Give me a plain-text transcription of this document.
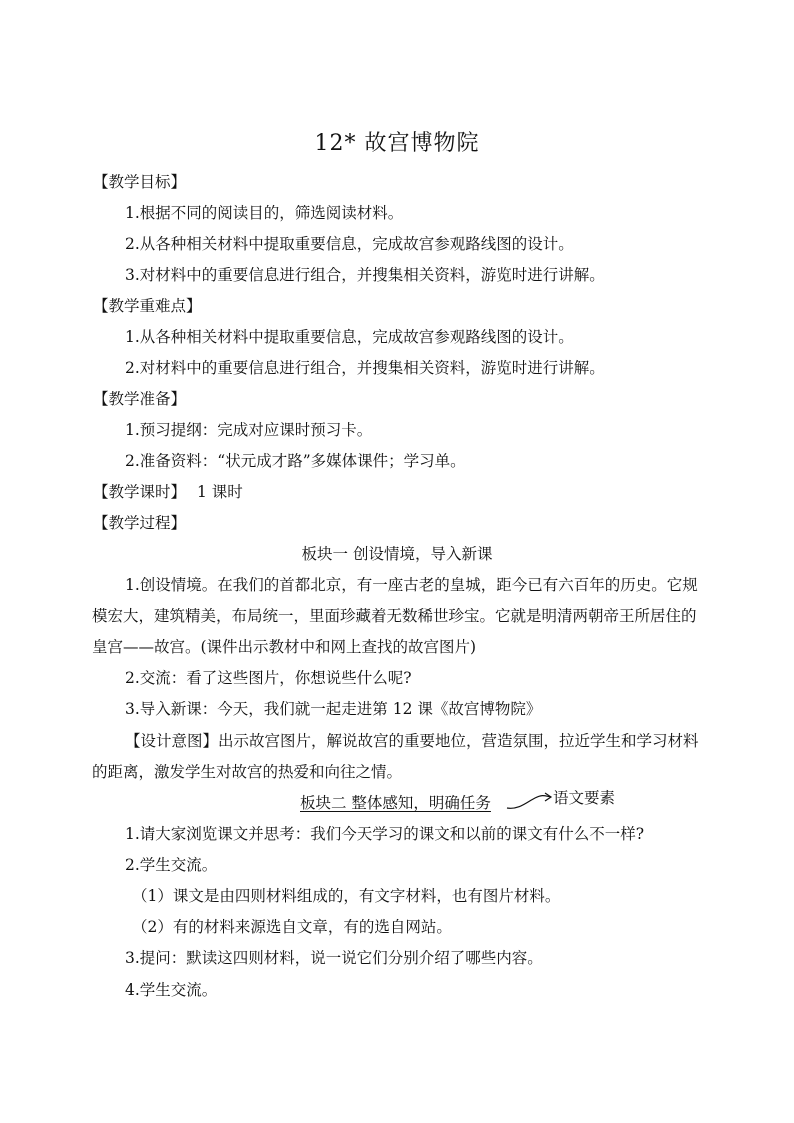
12* 故宫博物院
【教学目标】
1.根据不同的阅读目的，筛选阅读材料。
2.从各种相关材料中提取重要信息，完成故宫参观路线图的设计。
3.对材料中的重要信息进行组合，并搜集相关资料，游览时进行讲解。
【教学重难点】
1.从各种相关材料中提取重要信息，完成故宫参观路线图的设计。
2.对材料中的重要信息进行组合，并搜集相关资料，游览时进行讲解。
【教学准备】
1.预习提纲：完成对应课时预习卡。
2.准备资料：“状元成才路”多媒体课件；学习单。
【教学课时】 1 课时
【教学过程】
板块一 创设情境，导入新课
1.创设情境。在我们的首都北京，有一座古老的皇城，距今已有六百年的历史。它规
模宏大，建筑精美，布局统一，里面珍藏着无数稀世珍宝。它就是明清两朝帝王所居住的
皇宫——故宫。(课件出示教材中和网上查找的故宫图片)
2.交流：看了这些图片，你想说些什么呢?
3.导入新课：今天，我们就一起走进第 12 课《故宫博物院》
【设计意图】出示故宫图片，解说故宫的重要地位，营造氛围，拉近学生和学习材料
的距离，激发学生对故宫的热爱和向往之情。
板块二 整体感知，明确任务	语文要素
1.请大家浏览课文并思考：我们今天学习的课文和以前的课文有什么不一样?
2.学生交流。
（1）课文是由四则材料组成的，有文字材料，也有图片材料。
（2）有的材料来源选自文章，有的选自网站。
3.提问：默读这四则材料，说一说它们分别介绍了哪些内容。
4.学生交流。
